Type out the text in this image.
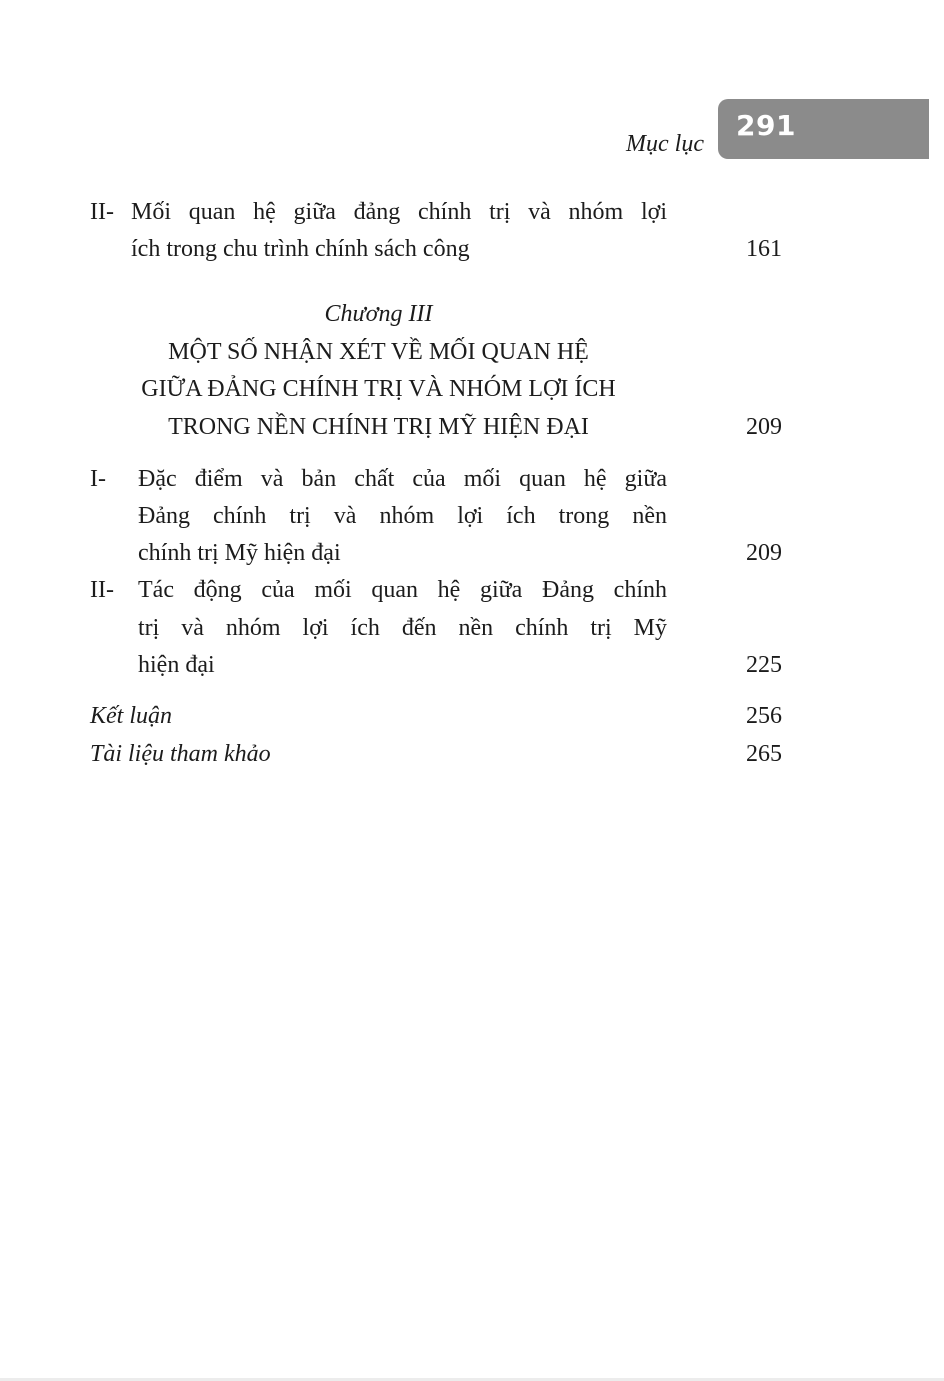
Mục lục
291
II- Mối quan hệ giữa đảng chính trị và nhóm lợi
ích trong chu trình chính sách công	161
Chương III
MỘT SỐ NHẬN XÉT VỀ MỐI QUAN HỆ
GIỮA ĐẢNG CHÍNH TRỊ VÀ NHÓM LỢI ÍCH
TRONG NỀN CHÍNH TRỊ MỸ HIỆN ĐẠI	209
I- Đặc điểm và bản chất của mối quan hệ giữa
Đảng chính trị và nhóm lợi ích trong nền
chính trị Mỹ hiện đại	209
II- Tác động của mối quan hệ giữa Đảng chính
trị và nhóm lợi ích đến nền chính trị Mỹ
hiện đại	225
Kết luận	256
Tài liệu tham khảo	265
